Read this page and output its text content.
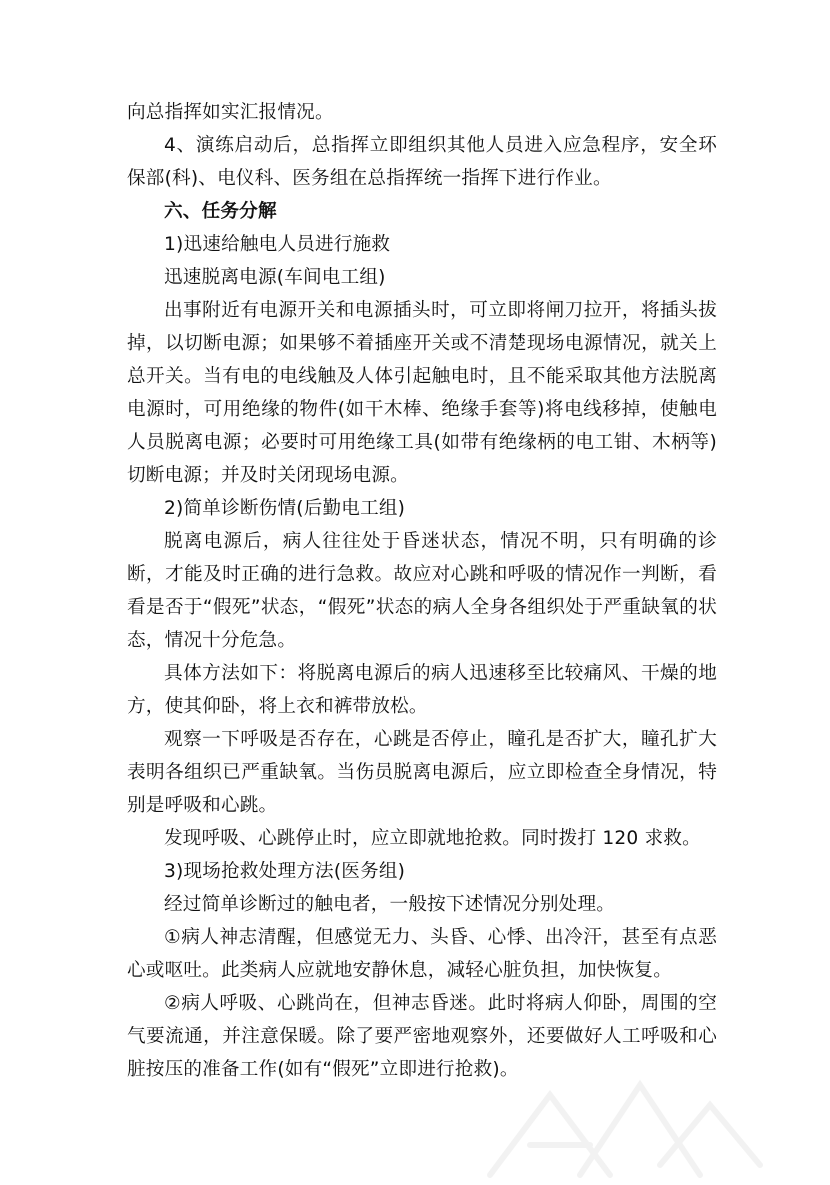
向总指挥如实汇报情况。

4、演练启动后，总指挥立即组织其他人员进入应急程序，安全环保部(科)、电仪科、医务组在总指挥统一指挥下进行作业。

六、任务分解

1)迅速给触电人员进行施救

迅速脱离电源(车间电工组)

出事附近有电源开关和电源插头时，可立即将闸刀拉开，将插头拔掉，以切断电源；如果够不着插座开关或不清楚现场电源情况，就关上总开关。当有电的电线触及人体引起触电时，且不能采取其他方法脱离电源时，可用绝缘的物件(如干木棒、绝缘手套等)将电线移掉，使触电人员脱离电源；必要时可用绝缘工具(如带有绝缘柄的电工钳、木柄等)切断电源；并及时关闭现场电源。

2)简单诊断伤情(后勤电工组)

脱离电源后，病人往往处于昏迷状态，情况不明，只有明确的诊断，才能及时正确的进行急救。故应对心跳和呼吸的情况作一判断，看看是否于“假死”状态，“假死”状态的病人全身各组织处于严重缺氧的状态，情况十分危急。

具体方法如下：将脱离电源后的病人迅速移至比较痛风、干燥的地方，使其仰卧，将上衣和裤带放松。

观察一下呼吸是否存在，心跳是否停止，瞳孔是否扩大，瞳孔扩大表明各组织已严重缺氧。当伤员脱离电源后，应立即检查全身情况，特别是呼吸和心跳。

发现呼吸、心跳停止时，应立即就地抢救。同时拨打 120 求救。

3)现场抢救处理方法(医务组)

经过简单诊断过的触电者，一般按下述情况分别处理。

①病人神志清醒，但感觉无力、头昏、心悸、出冷汗，甚至有点恶心或呕吐。此类病人应就地安静休息，减轻心脏负担，加快恢复。

②病人呼吸、心跳尚在，但神志昏迷。此时将病人仰卧，周围的空气要流通，并注意保暖。除了要严密地观察外，还要做好人工呼吸和心脏按压的准备工作(如有“假死”立即进行抢救)。
